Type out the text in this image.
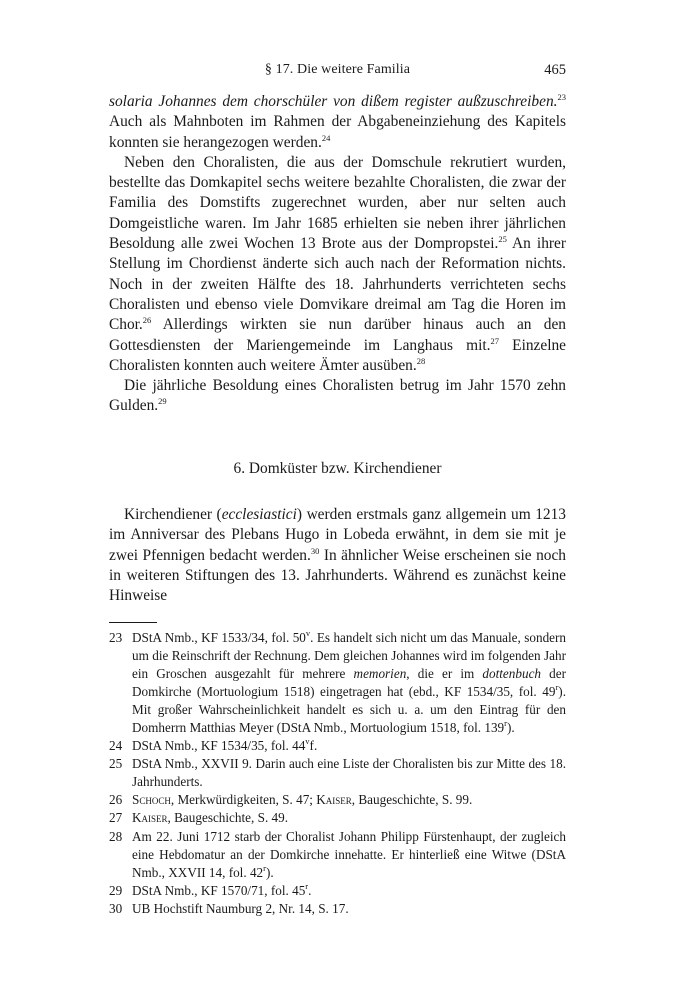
§ 17. Die weitere Familia	465

solaria Johannes dem chorschüler von dißem register außzuschreiben.$^{23}$ Auch als Mahnboten im Rahmen der Abgabeneinziehung des Kapitels konnten sie herangezogen werden.$^{24}$

Neben den Choralisten, die aus der Domschule rekrutiert wurden, bestellte das Domkapitel sechs weitere bezahlte Choralisten, die zwar der Familia des Domstifts zugerechnet wurden, aber nur selten auch Domgeistliche waren. Im Jahr 1685 erhielten sie neben ihrer jährlichen Besoldung alle zwei Wochen 13 Brote aus der Dompropstei.$^{25}$ An ihrer Stellung im Chordienst änderte sich auch nach der Reformation nichts. Noch in der zweiten Hälfte des 18. Jahrhunderts verrichteten sechs Choralisten und ebenso viele Domvikare dreimal am Tag die Horen im Chor.$^{26}$ Allerdings wirkten sie nun darüber hinaus auch an den Gottesdiensten der Mariengemeinde im Langhaus mit.$^{27}$ Einzelne Choralisten konnten auch weitere Ämter ausüben.$^{28}$

Die jährliche Besoldung eines Choralisten betrug im Jahr 1570 zehn Gulden.$^{29}$

6. Domküster bzw. Kirchendiener

Kirchendiener (ecclesiastici) werden erstmals ganz allgemein um 1213 im Anniversar des Plebans Hugo in Lobeda erwähnt, in dem sie mit je zwei Pfennigen bedacht werden.$^{30}$ In ähnlicher Weise erscheinen sie noch in weiteren Stiftungen des 13. Jahrhunderts. Während es zunächst keine Hinweise

23 DStA Nmb., KF 1533/34, fol. 50$^v$. Es handelt sich nicht um das Manuale, sondern um die Reinschrift der Rechnung. Dem gleichen Johannes wird im folgenden Jahr ein Groschen ausgezahlt für mehrere memorien, die er im dottenbuch der Domkirche (Mortuologium 1518) eingetragen hat (ebd., KF 1534/35, fol. 49$^r$). Mit großer Wahrscheinlichkeit handelt es sich u. a. um den Eintrag für den Domherrn Matthias Meyer (DStA Nmb., Mortuologium 1518, fol. 139$^r$).
24 DStA Nmb., KF 1534/35, fol. 44$^v$f.
25 DStA Nmb., XXVII 9. Darin auch eine Liste der Choralisten bis zur Mitte des 18. Jahrhunderts.
26 Schoch, Merkwürdigkeiten, S. 47; Kaiser, Baugeschichte, S. 99.
27 Kaiser, Baugeschichte, S. 49.
28 Am 22. Juni 1712 starb der Choralist Johann Philipp Fürstenhaupt, der zugleich eine Hebdomatur an der Domkirche innehatte. Er hinterließ eine Witwe (DStA Nmb., XXVII 14, fol. 42$^r$).
29 DStA Nmb., KF 1570/71, fol. 45$^r$.
30 UB Hochstift Naumburg 2, Nr. 14, S. 17.
